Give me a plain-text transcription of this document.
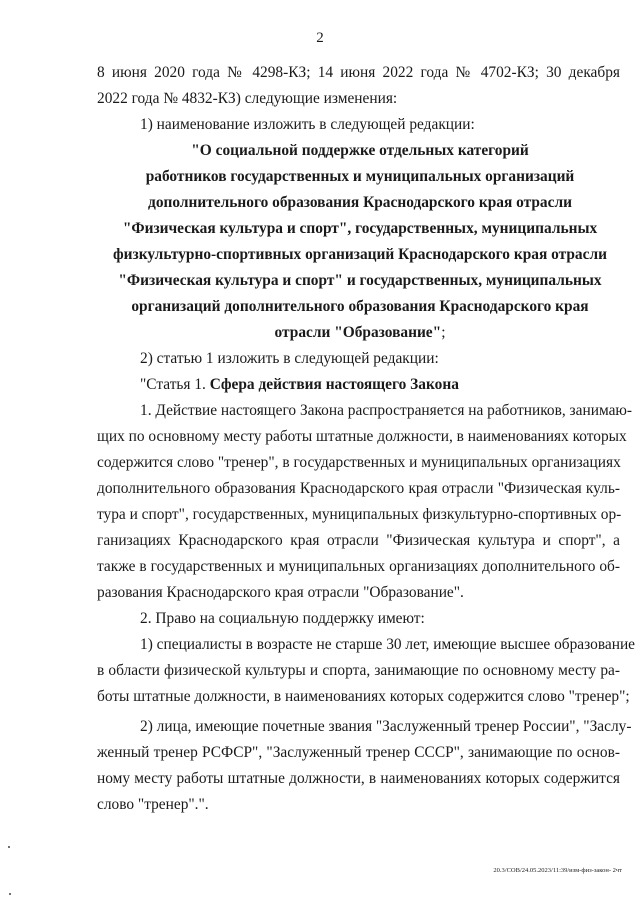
2
8 июня 2020 года № 4298-КЗ; 14 июня 2022 года № 4702-КЗ; 30 декабря
2022 года № 4832-КЗ) следующие изменения:
1) наименование изложить в следующей редакции:
"О социальной поддержке отдельных категорий
работников государственных и муниципальных организаций
дополнительного образования Краснодарского края отрасли
"Физическая культура и спорт", государственных, муниципальных
физкультурно-спортивных организаций Краснодарского края отрасли
"Физическая культура и спорт" и государственных, муниципальных
организаций дополнительного образования Краснодарского края
отрасли "Образование";
2) статью 1 изложить в следующей редакции:
"Статья 1. Сфера действия настоящего Закона
1. Действие настоящего Закона распространяется на работников, занимаю-
щих по основному месту работы штатные должности, в наименованиях которых
содержится слово "тренер", в государственных и муниципальных организациях
дополнительного образования Краснодарского края отрасли "Физическая куль-
тура и спорт", государственных, муниципальных физкультурно-спортивных ор-
ганизациях Краснодарского края отрасли "Физическая культура и спорт", а
также в государственных и муниципальных организациях дополнительного об-
разования Краснодарского края отрасли "Образование".
2. Право на социальную поддержку имеют:
1) специалисты в возрасте не старше 30 лет, имеющие высшее образование
в области физической культуры и спорта, занимающие по основному месту ра-
боты штатные должности, в наименованиях которых содержится слово "тренер";
2) лица, имеющие почетные звания "Заслуженный тренер России", "Заслу-
женный тренер РСФСР", "Заслуженный тренер СССР", занимающие по основ-
ному месту работы штатные должности, в наименованиях которых содержится
слово "тренер".".
20.3/СОВ/24.05.2023/11:39/изм-физ-закон- 2чт
